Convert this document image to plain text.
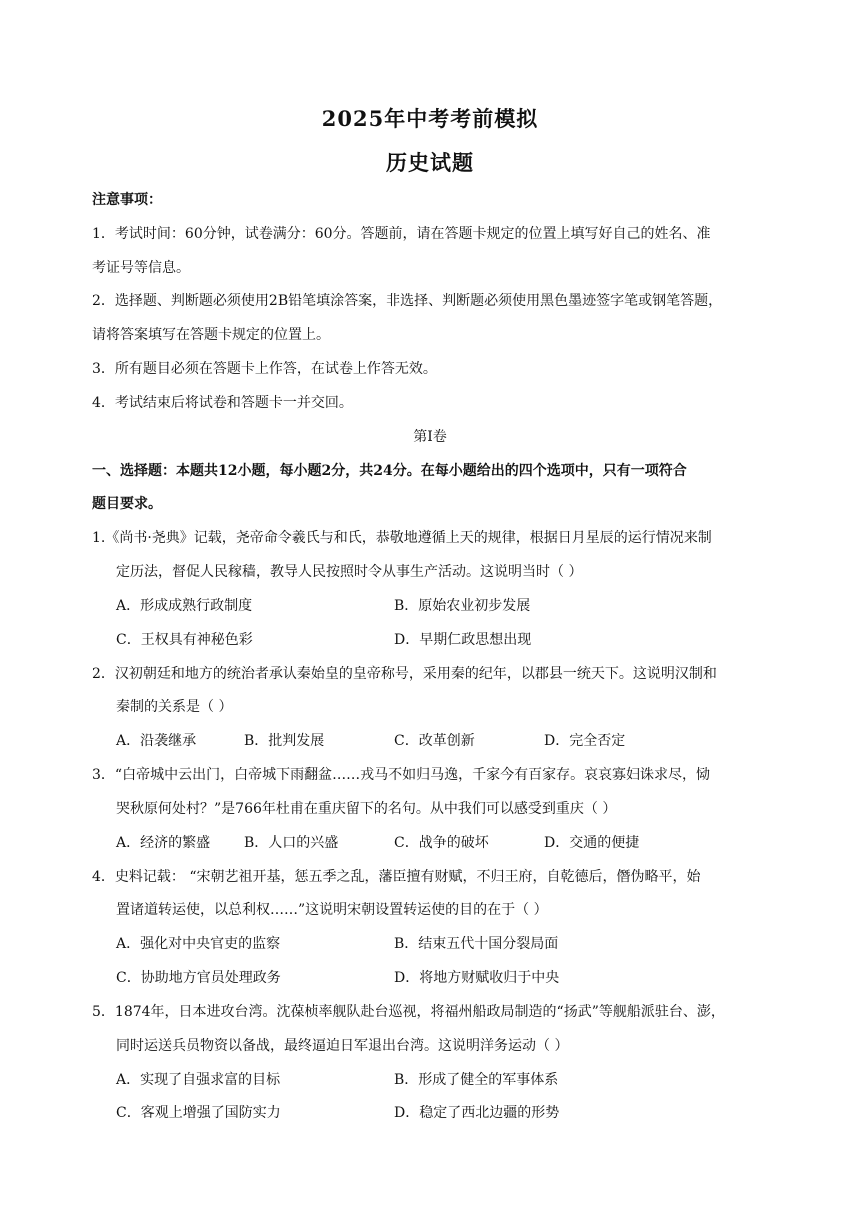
2025年中考考前模拟
历史试题
注意事项：
1．考试时间：60分钟，试卷满分：60分。答题前，请在答题卡规定的位置上填写好自己的姓名、准
考证号等信息。
2．选择题、判断题必须使用2B铅笔填涂答案，非选择、判断题必须使用黑色墨迹签字笔或钢笔答题，
请将答案填写在答题卡规定的位置上。
3．所有题目必须在答题卡上作答，在试卷上作答无效。
4．考试结束后将试卷和答题卡一并交回。
第Ⅰ卷
一、选择题：本题共12小题，每小题2分，共24分。在每小题给出的四个选项中，只有一项符合
题目要求。
1.《尚书·尧典》记载，尧帝命令羲氏与和氏，恭敬地遵循上天的规律，根据日月星辰的运行情况来制
定历法，督促人民稼穑，教导人民按照时令从事生产活动。这说明当时（ ）
A．形成成熟行政制度	B．原始农业初步发展
C．王权具有神秘色彩	D．早期仁政思想出现
2．汉初朝廷和地方的统治者承认秦始皇的皇帝称号，采用秦的纪年，以郡县一统天下。这说明汉制和
秦制的关系是（ ）
A．沿袭继承	B．批判发展	C．改革创新	D．完全否定
3．“白帝城中云出门，白帝城下雨翻盆……戎马不如归马逸，千家今有百家存。哀哀寡妇诛求尽，恸
哭秋原何处村？”是766年杜甫在重庆留下的名句。从中我们可以感受到重庆（ ）
A．经济的繁盛 B．人口的兴盛	C．战争的破坏	D．交通的便捷
4．史料记载： “宋朝艺祖开基，惩五季之乱，藩臣擅有财赋，不归王府，自乾德后，僭伪略平，始
置诸道转运使，以总利权……”这说明宋朝设置转运使的目的在于（ ）
A．强化对中央官吏的监察	B．结束五代十国分裂局面
C．协助地方官员处理政务	D．将地方财赋收归于中央
5．1874年，日本进攻台湾。沈葆桢率舰队赴台巡视，将福州船政局制造的“扬武”等舰船派驻台、澎，
同时运送兵员物资以备战，最终逼迫日军退出台湾。这说明洋务运动（ ）
A．实现了自强求富的目标	B．形成了健全的军事体系
C．客观上增强了国防实力	D．稳定了西北边疆的形势
